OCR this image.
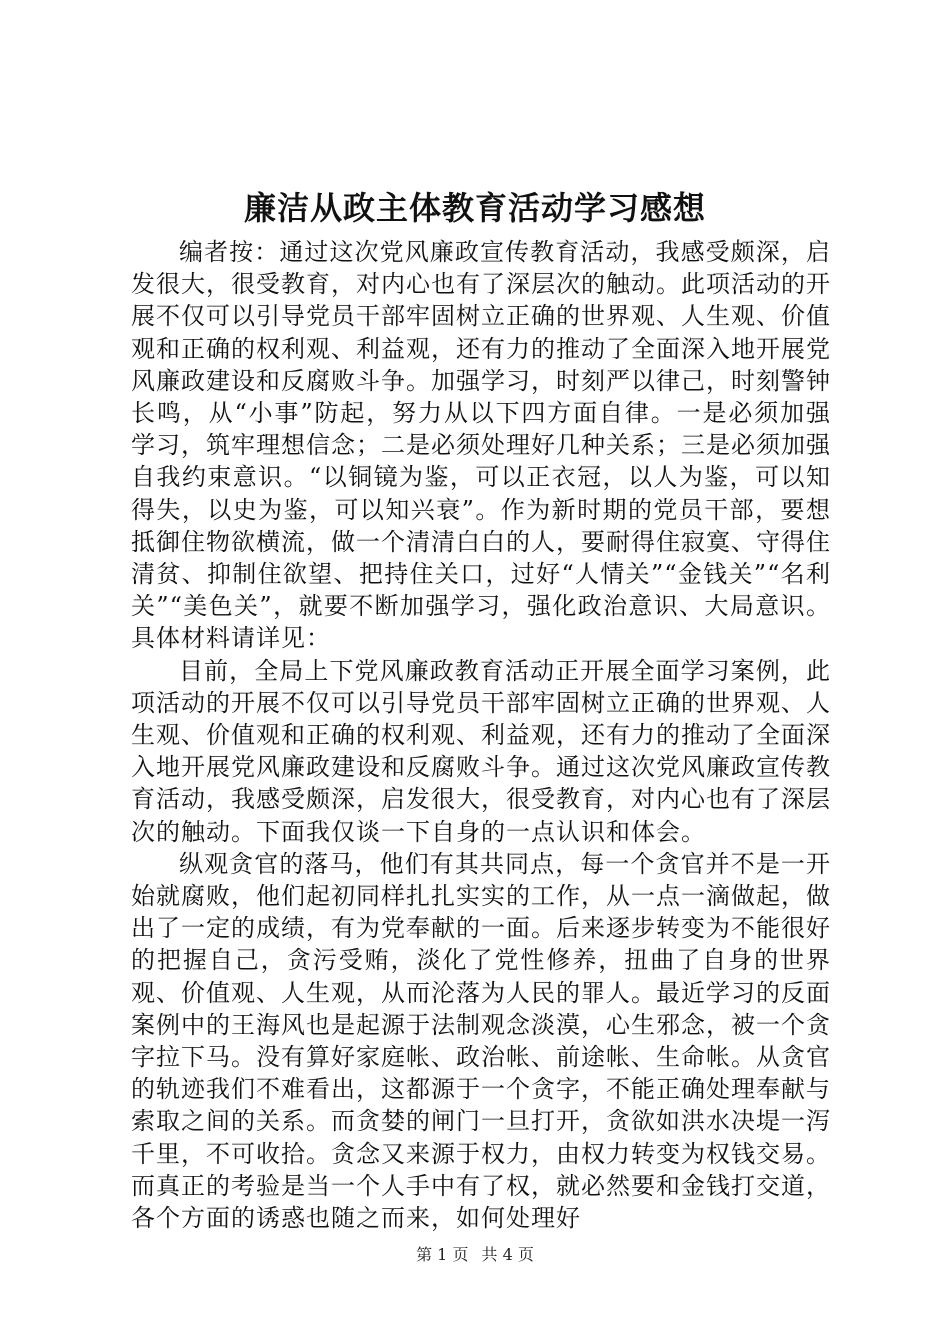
廉洁从政主体教育活动学习感想

编者按：通过这次党风廉政宣传教育活动，我感受颇深，启发很大，很受教育，对内心也有了深层次的触动。此项活动的开展不仅可以引导党员干部牢固树立正确的世界观、人生观、价值观和正确的权利观、利益观，还有力的推动了全面深入地开展党风廉政建设和反腐败斗争。加强学习，时刻严以律己，时刻警钟长鸣，从“小事”防起，努力从以下四方面自律。一是必须加强学习，筑牢理想信念；二是必须处理好几种关系；三是必须加强自我约束意识。“以铜镜为鉴，可以正衣冠，以人为鉴，可以知得失，以史为鉴，可以知兴衰”。作为新时期的党员干部，要想抵御住物欲横流，做一个清清白白的人，要耐得住寂寞、守得住清贫、抑制住欲望、把持住关口，过好“人情关”“金钱关”“名利关”“美色关”，就要不断加强学习，强化政治意识、大局意识。具体材料请详见：

目前，全局上下党风廉政教育活动正开展全面学习案例，此项活动的开展不仅可以引导党员干部牢固树立正确的世界观、人生观、价值观和正确的权利观、利益观，还有力的推动了全面深入地开展党风廉政建设和反腐败斗争。通过这次党风廉政宣传教育活动，我感受颇深，启发很大，很受教育，对内心也有了深层次的触动。下面我仅谈一下自身的一点认识和体会。

纵观贪官的落马，他们有其共同点，每一个贪官并不是一开始就腐败，他们起初同样扎扎实实的工作，从一点一滴做起，做出了一定的成绩，有为党奉献的一面。后来逐步转变为不能很好的把握自己，贪污受贿，淡化了党性修养，扭曲了自身的世界观、价值观、人生观，从而沦落为人民的罪人。最近学习的反面案例中的王海风也是起源于法制观念淡漠，心生邪念，被一个贪字拉下马。没有算好家庭帐、政治帐、前途帐、生命帐。从贪官的轨迹我们不难看出，这都源于一个贪字，不能正确处理奉献与索取之间的关系。而贪婪的闸门一旦打开，贪欲如洪水决堤一泻千里，不可收拾。贪念又来源于权力，由权力转变为权钱交易。而真正的考验是当一个人手中有了权，就必然要和金钱打交道，各个方面的诱惑也随之而来，如何处理好

第 1 页 共 4 页
